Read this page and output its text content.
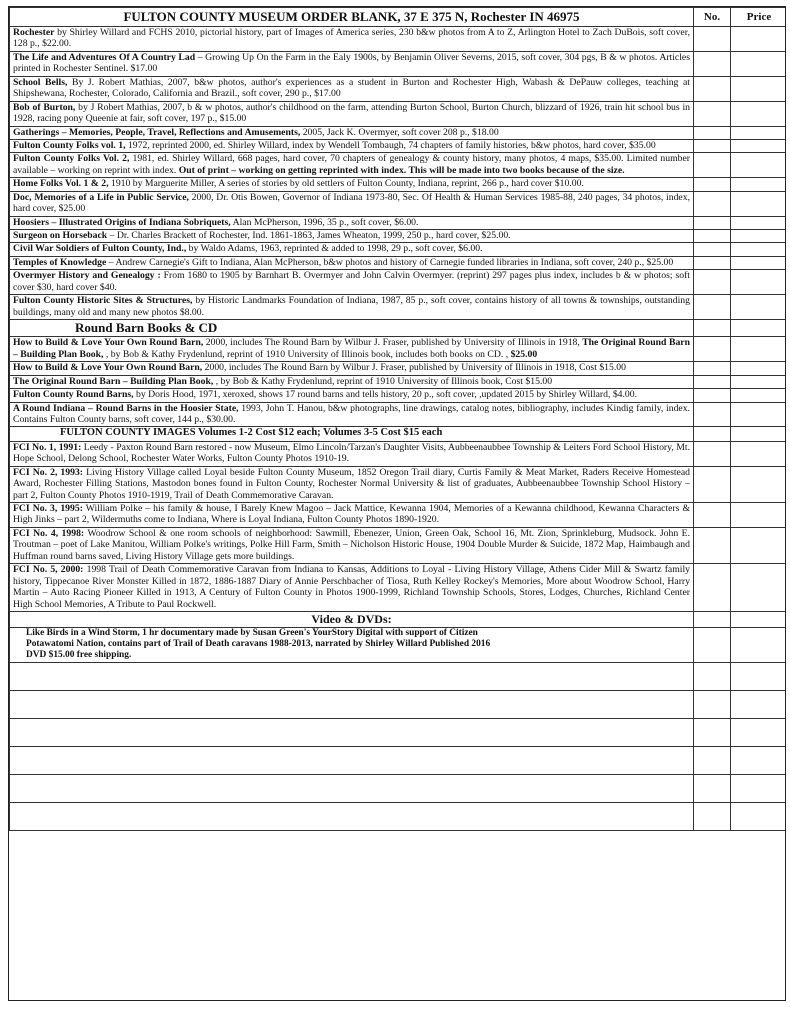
FULTON COUNTY MUSEUM ORDER BLANK, 37 E 375 N, Rochester IN 46975	No.	Price
Rochester by Shirley Willard and FCHS 2010, pictorial history, part of Images of America series, 230 b&w photos from A to Z, Arlington Hotel to Zach DuBois, soft cover, 128 p., $22.00.		
The Life and Adventures Of A Country Lad – Growing Up On the Farm in the Ealy 1900s, by Benjamin Oliver Severns, 2015, soft cover, 304 pgs, B & w photos. Articles printed in Rochester Sentinel. $17.00		
School Bells, By J. Robert Mathias, 2007, b&w photos, author's experiences as a student in Burton and Rochester High, Wabash & DePauw colleges, teaching at Shipshewana, Rochester, Colorado, California and Brazil., soft cover, 290 p., $17.00		
Bob of Burton, by J Robert Mathias, 2007, b & w photos, author's childhood on the farm, attending Burton School, Burton Church, blizzard of 1926, train hit school bus in 1928, racing pony Queenie at fair, soft cover, 197 p., $15.00		
Gatherings – Memories, People, Travel, Reflections and Amusements, 2005, Jack K. Overmyer, soft cover 208 p., $18.00		
Fulton County Folks vol. 1, 1972, reprinted 2000, ed. Shirley Willard, index by Wendell Tombaugh, 74 chapters of family histories, b&w photos, hard cover, $35.00		
Fulton County Folks Vol. 2, 1981, ed. Shirley Willard, 668 pages, hard cover, 70 chapters of genealogy & county history, many photos, 4 maps, $35.00. Limited number available – working on reprint with index. Out of print – working on getting reprinted with index. This will be made into two books because of the size.		
Home Folks Vol. 1 & 2, 1910 by Marguerite Miller, A series of stories by old settlers of Fulton County, Indiana, reprint, 266 p., hard cover $10.00.		
Doc, Memories of a Life in Public Service, 2000, Dr. Otis Bowen, Governor of Indiana 1973-80, Sec. Of Health & Human Services 1985-88, 240 pages, 34 photos, index, hard cover, $25.00		
Hoosiers – Illustrated Origins of Indiana Sobriquets, Alan McPherson, 1996, 35 p., soft cover, $6.00.		
Surgeon on Horseback – Dr. Charles Brackett of Rochester, Ind. 1861-1863, James Wheaton, 1999, 250 p., hard cover, $25.00.		
Civil War Soldiers of Fulton County, Ind., by Waldo Adams, 1963, reprinted & added to 1998, 29 p., soft cover, $6.00.		
Temples of Knowledge – Andrew Carnegie's Gift to Indiana, Alan McPherson, b&w photos and history of Carnegie funded libraries in Indiana, soft cover, 240 p., $25.00		
Overmyer History and Genealogy : From 1680 to 1905 by Barnhart B. Overmyer and John Calvin Overmyer. (reprint) 297 pages plus index, includes b & w photos; soft cover $30, hard cover $40.		
Fulton County Historic Sites & Structures, by Historic Landmarks Foundation of Indiana, 1987, 85 p., soft cover, contains history of all towns & townships, outstanding buildings, many old and many new photos $8.00.		
Round Barn Books & CD		
How to Build & Love Your Own Round Barn, 2000, includes The Round Barn by Wilbur J. Fraser, published by University of Illinois in 1918, The Original Round Barn – Building Plan Book, , by Bob & Kathy Frydenlund, reprint of 1910 University of Illinois book, includes both books on CD. , $25.00		
How to Build & Love Your Own Round Barn, 2000, includes The Round Barn by Wilbur J. Fraser, published by University of Illinois in 1918, Cost $15.00		
The Original Round Barn – Building Plan Book, , by Bob & Kathy Frydenlund, reprint of 1910 University of Illinois book, Cost $15.00		
Fulton County Round Barns, by Doris Hood, 1971, xeroxed, shows 17 round barns and tells history, 20 p., soft cover, ,updated 2015 by Shirley Willard, $4.00.		
A Round Indiana – Round Barns in the Hoosier State, 1993, John T. Hanou, b&w photographs, line drawings, catalog notes, bibliography, includes Kindig family, index. Contains Fulton County barns, soft cover, 144 p., $30.00.		
FULTON COUNTY IMAGES Volumes 1-2 Cost $12 each; Volumes 3-5 Cost $15 each		
FCI No. 1, 1991: Leedy - Paxton Round Barn restored - now Museum, Elmo Lincoln/Tarzan's Daughter Visits, Aubbeenaubbee Township & Leiters Ford School History, Mt. Hope School, Delong School, Rochester Water Works, Fulton County Photos 1910-19.		
FCI No. 2, 1993: Living History Village called Loyal beside Fulton County Museum, 1852 Oregon Trail diary, Curtis Family & Meat Market, Raders Receive Homestead Award, Rochester Filling Stations, Mastodon bones found in Fulton County, Rochester Normal University & list of graduates, Aubbeenaubbee Township School History – part 2, Fulton County Photos 1910-1919, Trail of Death Commemorative Caravan.		
FCI No. 3, 1995: William Polke – his family & house, I Barely Knew Magoo – Jack Mattice, Kewanna 1904, Memories of a Kewanna childhood, Kewanna Characters & High Jinks – part 2, Wildermuths come to Indiana, Where is Loyal Indiana, Fulton County Photos 1890-1920.		
FCI No. 4, 1998: Woodrow School & one room schools of neighborhood: Sawmill, Ebenezer, Union, Green Oak, School 16, Mt. Zion, Sprinkleburg, Mudsock. John E. Troutman – poet of Lake Manitou, William Polke's writings, Polke Hill Farm, Smith – Nicholson Historic House, 1904 Double Murder & Suicide, 1872 Map, Haimbaugh and Huffman round barns saved, Living History Village gets more buildings.		
FCI No. 5, 2000: 1998 Trail of Death Commemorative Caravan from Indiana to Kansas, Additions to Loyal - Living History Village, Athens Cider Mill & Swartz family history, Tippecanoe River Monster Killed in 1872, 1886-1887 Diary of Annie Perschbacher of Tiosa, Ruth Kelley Rockey's Memories, More about Woodrow School, Harry Martin – Auto Racing Pioneer Killed in 1913, A Century of Fulton County in Photos 1900-1999, Richland Township Schools, Stores, Lodges, Churches, Richland Center High School Memories, A Tribute to Paul Rockwell.		
Video & DVDs:		

Like Birds in a Wind Storm, 1 hr documentary made by Susan Green's YourStory Digital with support of Citizen
Potawatomi Nation, contains part of Trail of Death caravans 1988-2013, narrated by Shirley Willard Published 2016
DVD $15.00 free shipping.		
